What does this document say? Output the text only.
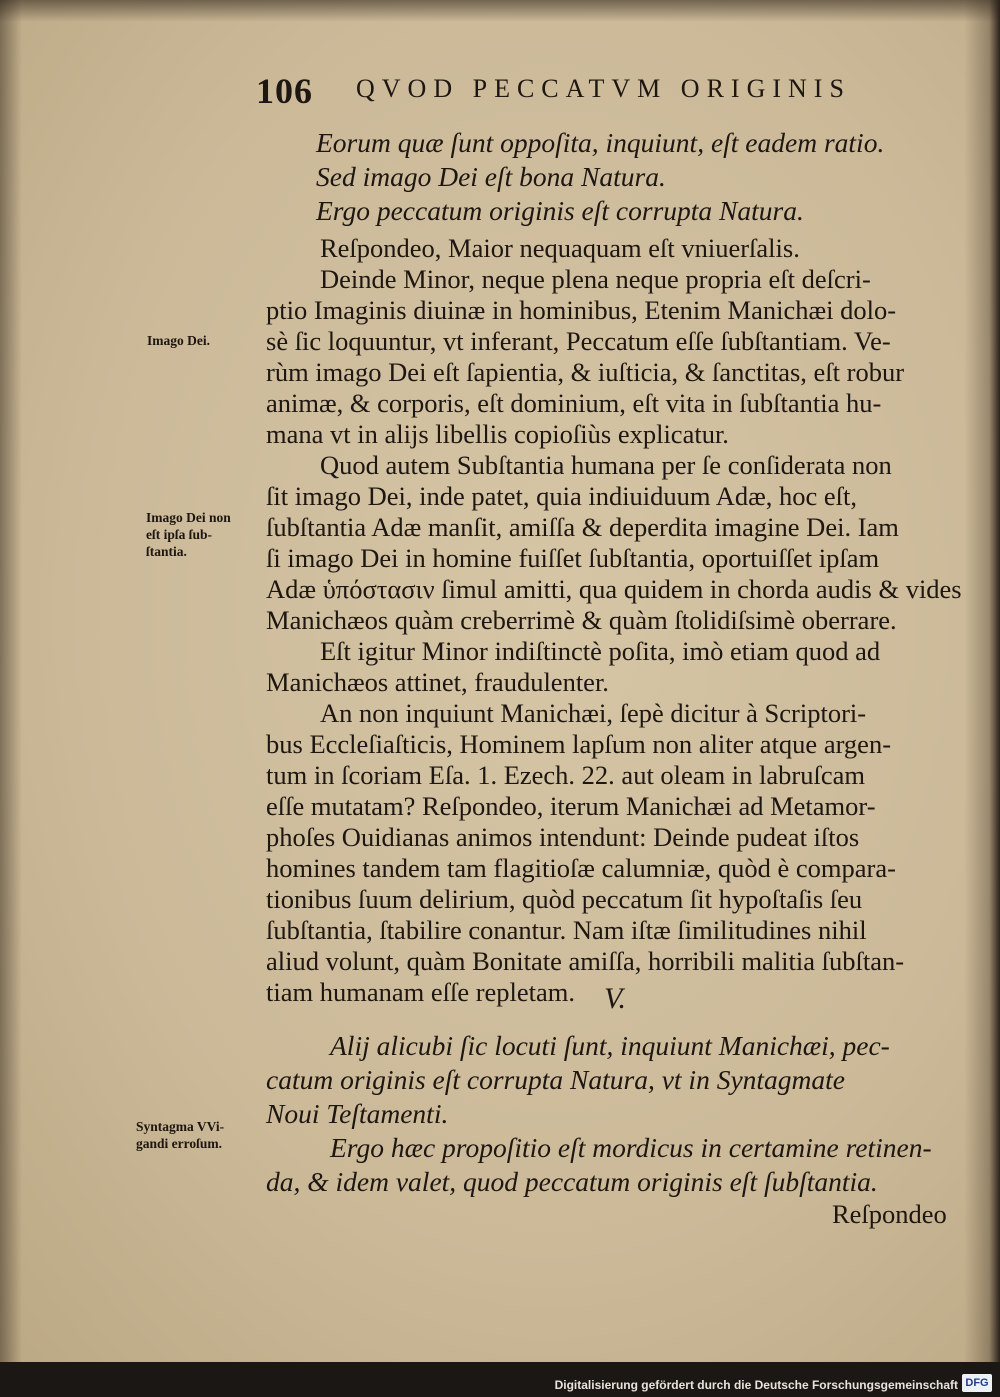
106 QVOD PECCATVM ORIGINIS
Eorum quæ ſunt oppoſita, inquiunt, eſt eadem ratio.
Sed imago Dei eſt bona Natura.
Ergo peccatum originis eſt corrupta Natura.
Reſpondeo, Maior nequaquam eſt vniuerſalis.
Deinde Minor, neque plena neque propria eſt deſcri-
ptio Imaginis diuinæ in hominibus, Etenim Manichæi dolo-
sè ſic loquuntur, vt inferant, Peccatum eſſe ſubſtantiam. Ve-
rùm imago Dei eſt ſapientia, & iuſticia, & ſanctitas, eſt robur
animæ, & corporis, eſt dominium, eſt vita in ſubſtantia hu-
mana vt in alijs libellis copioſiùs explicatur.
Quod autem Subſtantia humana per ſe conſiderata non
ſit imago Dei, inde patet, quia indiuiduum Adæ, hoc eſt,
ſubſtantia Adæ manſit, amiſſa & deperdita imagine Dei. Iam
ſi imago Dei in homine fuiſſet ſubſtantia, oportuiſſet ipſam
Adæ ὑπόστασιν ſimul amitti, qua quidem in chorda audis & vides
Manichæos quàm creberrimè & quàm ſtolidiſsimè oberrare.
Eſt igitur Minor indiſtinctè poſita, imò etiam quod ad
Manichæos attinet, fraudulenter.
An non inquiunt Manichæi, ſepè dicitur à Scriptori-
bus Eccleſiaſticis, Hominem lapſum non aliter atque argen-
tum in ſcoriam Eſa. 1. Ezech. 22. aut oleam in labruſcam
eſſe mutatam? Reſpondeo, iterum Manichæi ad Metamor-
phoſes Ouidianas animos intendunt: Deinde pudeat iſtos
homines tandem tam flagitioſæ calumniæ, quòd è compara-
tionibus ſuum delirium, quòd peccatum ſit hypoſtaſis ſeu
ſubſtantia, ſtabilire conantur. Nam iſtæ ſimilitudines nihil
aliud volunt, quàm Bonitate amiſſa, horribili malitia ſubſtan-
tiam humanam eſſe repletam. V.
Alij alicubi ſic locuti ſunt, inquiunt Manichæi, pec-
catum originis eſt corrupta Natura, vt in Syntagmate
Noui Teſtamenti.
Ergo hæc propoſitio eſt mordicus in certamine retinen-
da, & idem valet, quod peccatum originis eſt ſubſtantia.
Reſpondeo
Imago Dei.
Imago Dei non
eſt ipſa ſub-
ſtantia.
Syntagma VVi-
gandi erroſum.
Digitalisierung gefördert durch die Deutsche Forschungsgemeinschaft DFG
